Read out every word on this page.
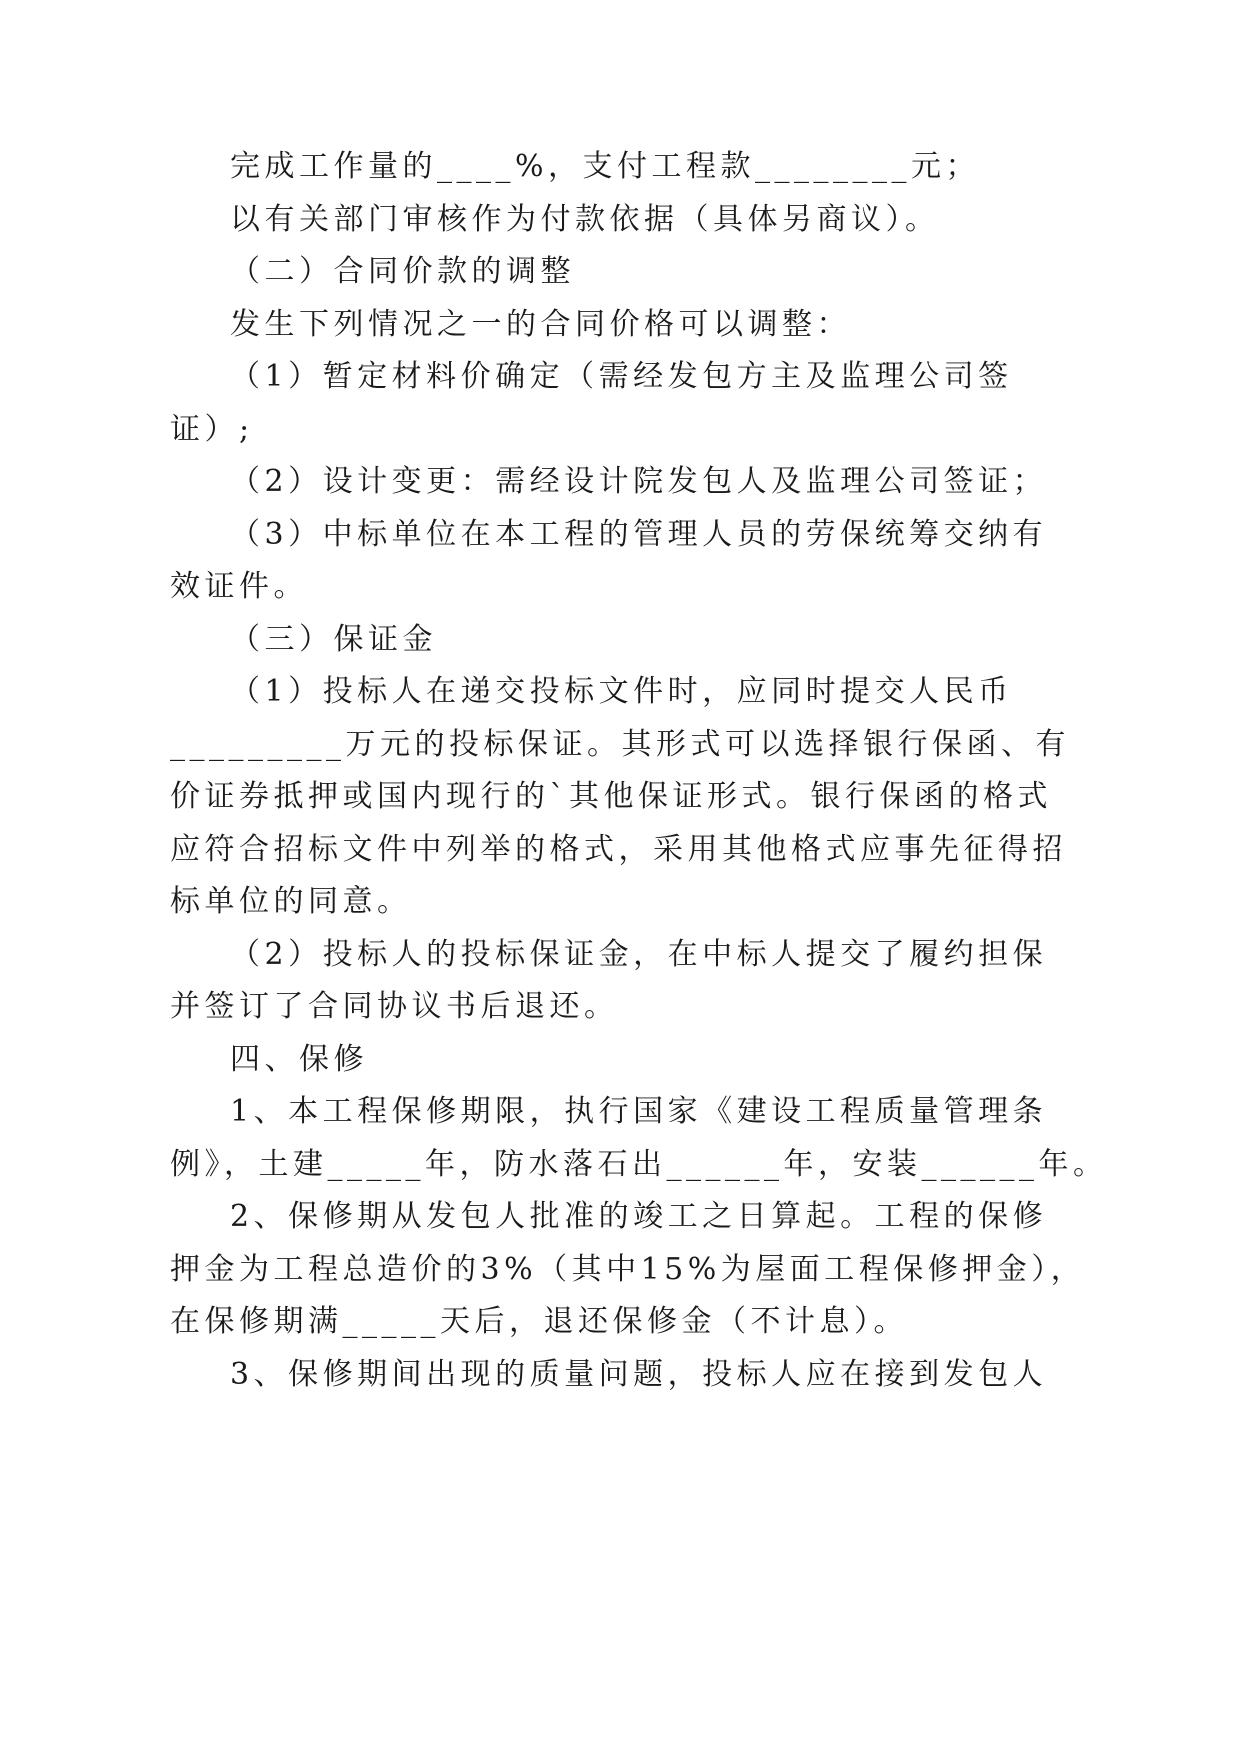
完成工作量的____%，支付工程款________元；
以有关部门审核作为付款依据（具体另商议）。
（二）合同价款的调整
发生下列情况之一的合同价格可以调整：
（1）暂定材料价确定（需经发包方主及监理公司签
证）;
（2）设计变更：需经设计院发包人及监理公司签证；
（3）中标单位在本工程的管理人员的劳保统筹交纳有
效证件。
（三）保证金
（1）投标人在递交投标文件时，应同时提交人民币
_________万元的投标保证。其形式可以选择银行保函、有
价证券抵押或国内现行的`其他保证形式。银行保函的格式
应符合招标文件中列举的格式，采用其他格式应事先征得招
标单位的同意。
（2）投标人的投标保证金，在中标人提交了履约担保
并签订了合同协议书后退还。
四、保修
1、本工程保修期限，执行国家《建设工程质量管理条
例》，土建_____年，防水落石出______年，安装______年。
2、保修期从发包人批准的竣工之日算起。工程的保修
押金为工程总造价的3%（其中15%为屋面工程保修押金），
在保修期满_____天后，退还保修金（不计息）。
3、保修期间出现的质量问题，投标人应在接到发包人
